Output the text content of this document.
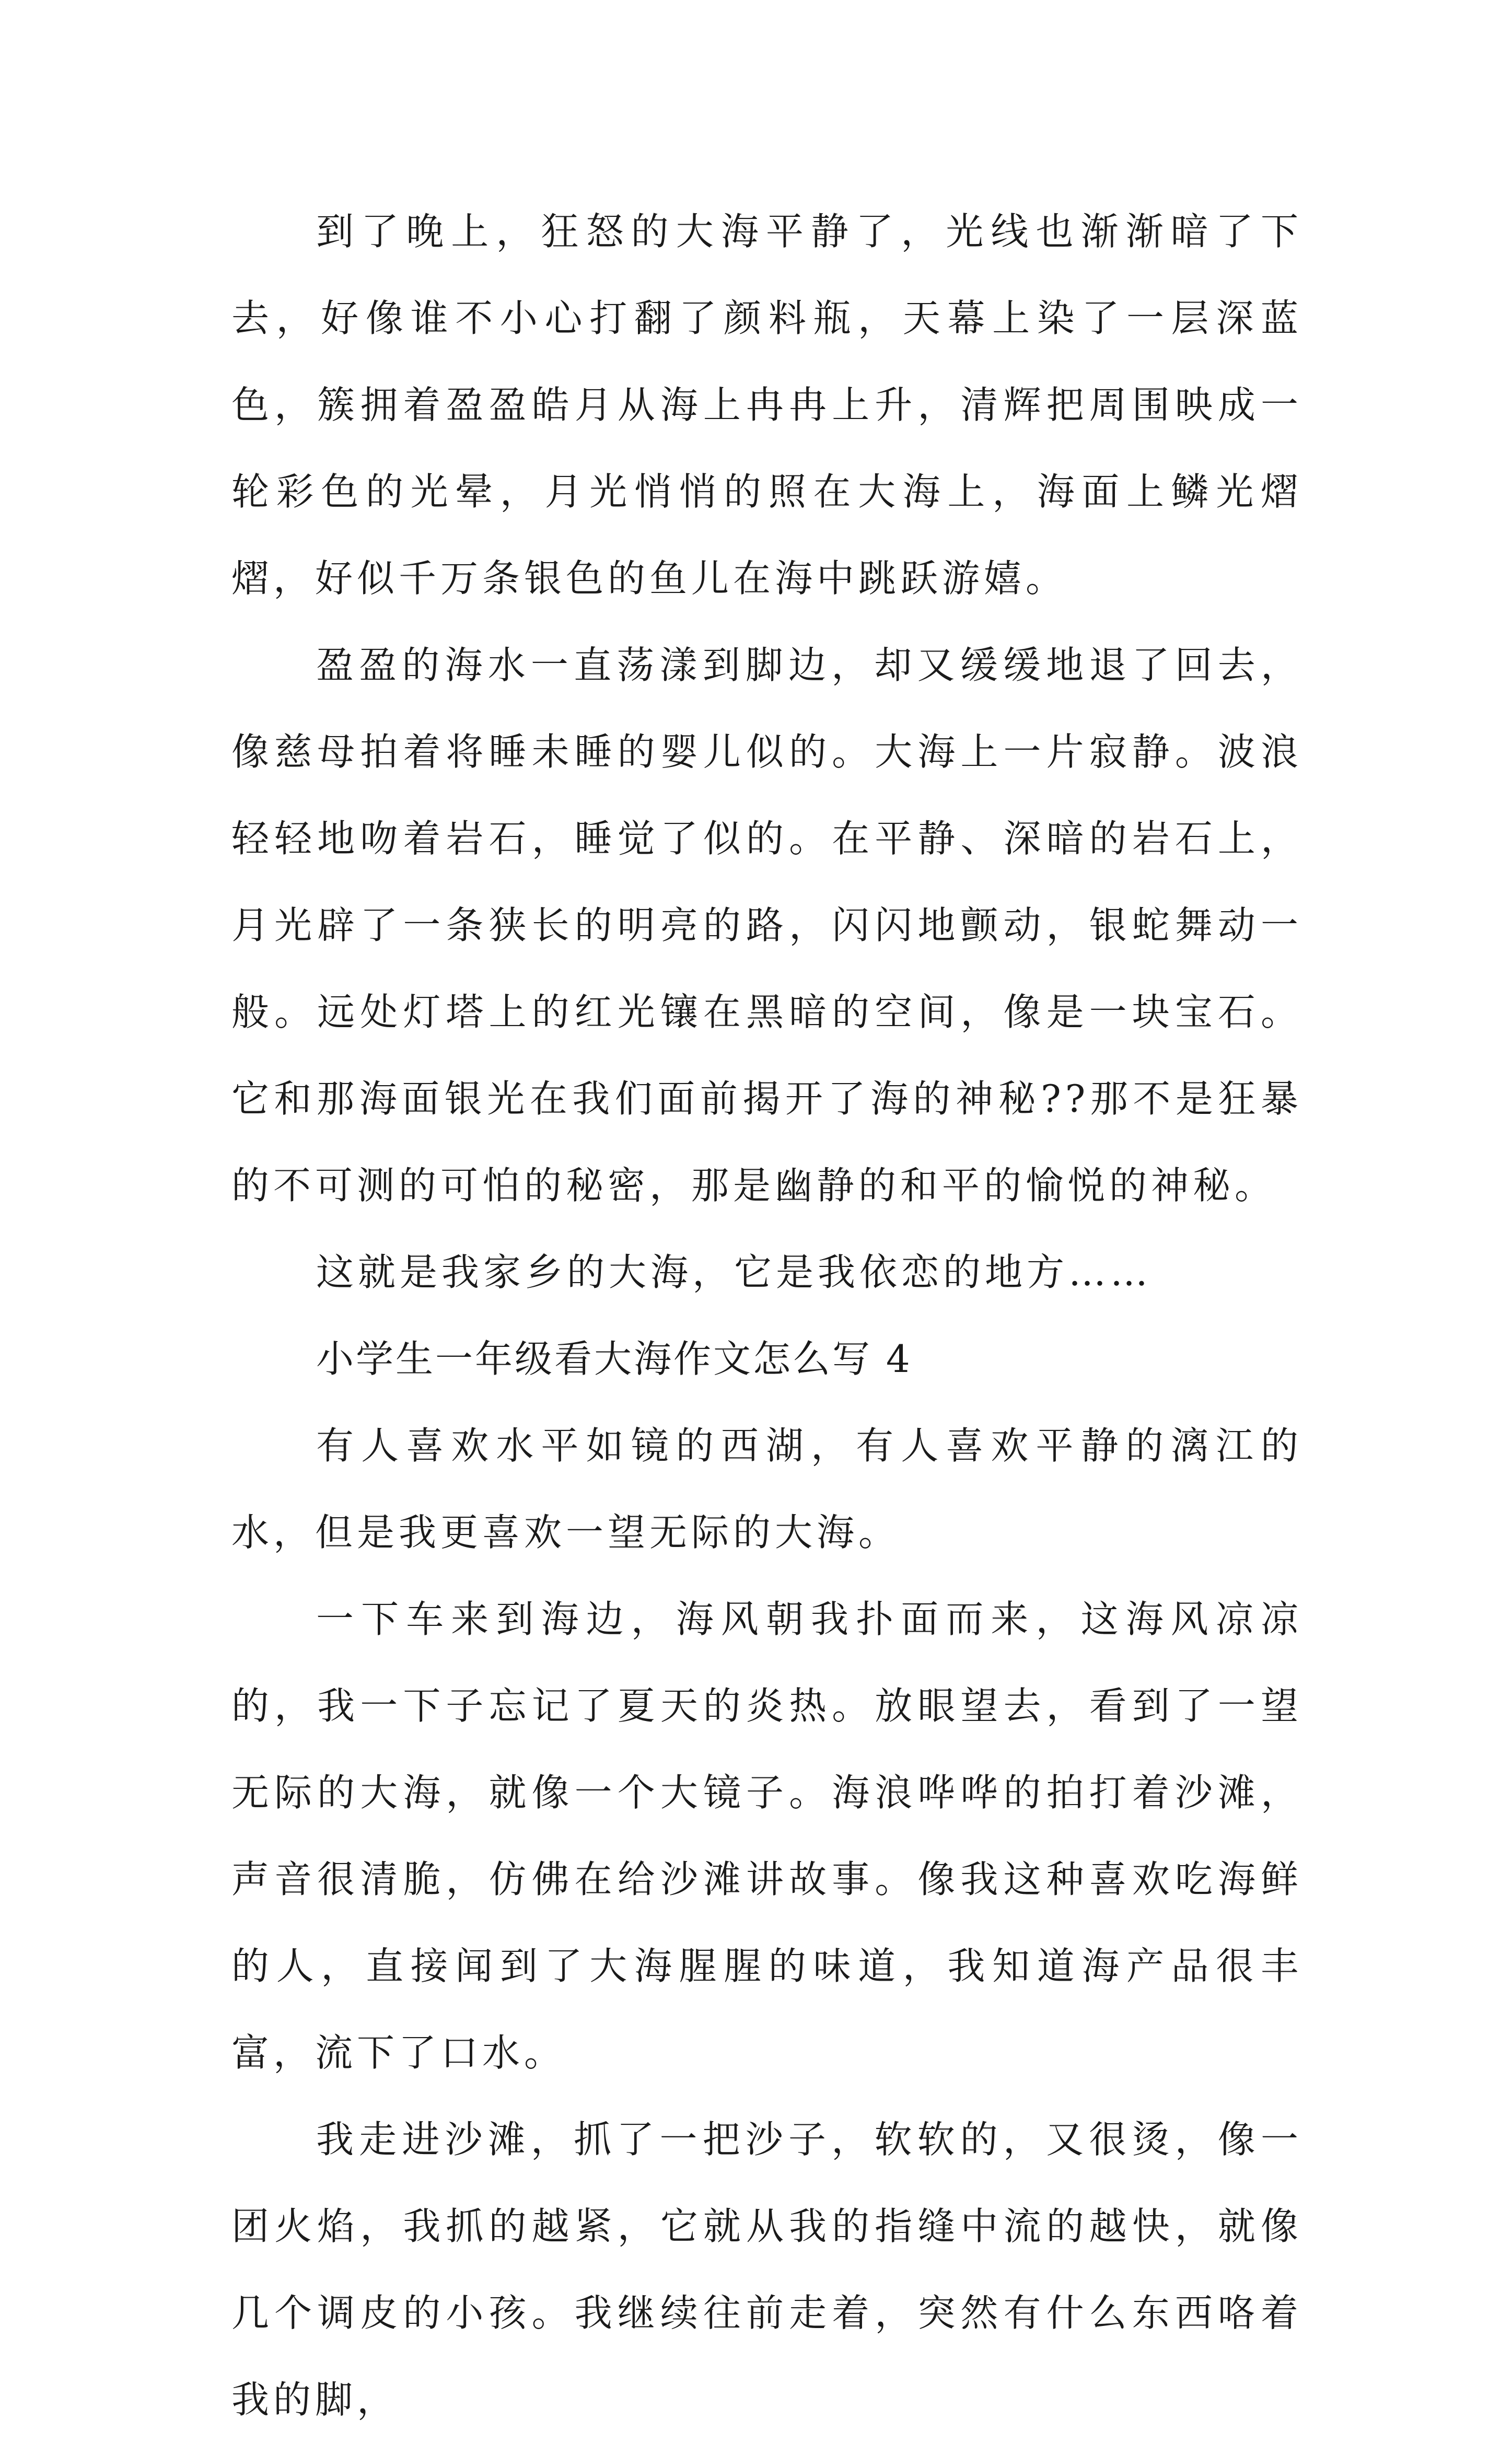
到了晚上，狂怒的大海平静了，光线也渐渐暗了下去，好像谁不小心打翻了颜料瓶，天幕上染了一层深蓝色，簇拥着盈盈皓月从海上冉冉上升，清辉把周围映成一轮彩色的光晕，月光悄悄的照在大海上，海面上鳞光熠熠，好似千万条银色的鱼儿在海中跳跃游嬉。

盈盈的海水一直荡漾到脚边，却又缓缓地退了回去，像慈母拍着将睡未睡的婴儿似的。大海上一片寂静。波浪轻轻地吻着岩石，睡觉了似的。在平静、深暗的岩石上，月光辟了一条狭长的明亮的路，闪闪地颤动，银蛇舞动一般。远处灯塔上的红光镶在黑暗的空间，像是一块宝石。它和那海面银光在我们面前揭开了海的神秘??那不是狂暴的不可测的可怕的秘密，那是幽静的和平的愉悦的神秘。

这就是我家乡的大海，它是我依恋的地方……

小学生一年级看大海作文怎么写 4

有人喜欢水平如镜的西湖，有人喜欢平静的漓江的水，但是我更喜欢一望无际的大海。

一下车来到海边，海风朝我扑面而来，这海风凉凉的，我一下子忘记了夏天的炎热。放眼望去，看到了一望无际的大海，就像一个大镜子。海浪哗哗的拍打着沙滩，声音很清脆，仿佛在给沙滩讲故事。像我这种喜欢吃海鲜的人，直接闻到了大海腥腥的味道，我知道海产品很丰富，流下了口水。

我走进沙滩，抓了一把沙子，软软的，又很烫，像一团火焰，我抓的越紧，它就从我的指缝中流的越快，就像几个调皮的小孩。我继续往前走着，突然有什么东西咯着我的脚，
